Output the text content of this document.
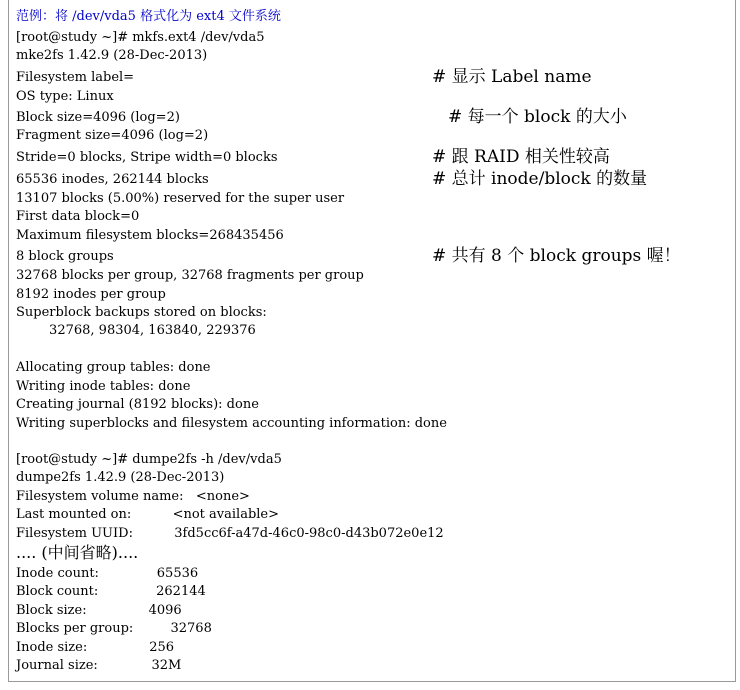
范例：将 /dev/vda5 格式化为 ext4 文件系统

[root@study ~]# mkfs.ext4 /dev/vda5

mke2fs 1.42.9 (28-Dec-2013)

Filesystem label=

OS type: Linux

Block size=4096 (log=2)

Fragment size=4096 (log=2)

Stride=0 blocks, Stripe width=0 blocks

65536 inodes, 262144 blocks

13107 blocks (5.00%) reserved for the super user

First data block=0

Maximum filesystem blocks=268435456

8 block groups

32768 blocks per group, 32768 fragments per group

8192 inodes per group

Superblock backups stored on blocks:

32768, 98304, 163840, 229376

Allocating group tables: done

Writing inode tables: done

Creating journal (8192 blocks): done

Writing superblocks and filesystem accounting information: done

# 显示 Label name

# 每一个 block 的大小

# 跟 RAID 相关性较高

# 总计 inode/block 的数量

# 共有 8 个 block groups 喔！

[root@study ~]# dumpe2fs -h /dev/vda5

dumpe2fs 1.42.9 (28-Dec-2013)

Filesystem volume name:   <none>

Last mounted on:          <not available>

Filesystem UUID:          3fd5cc6f-a47d-46c0-98c0-d43b072e0e12

.... (中间省略)....

Inode count:              65536

Block count:              262144

Block size:               4096

Blocks per group:         32768

Inode size:               256

Journal size:             32M
